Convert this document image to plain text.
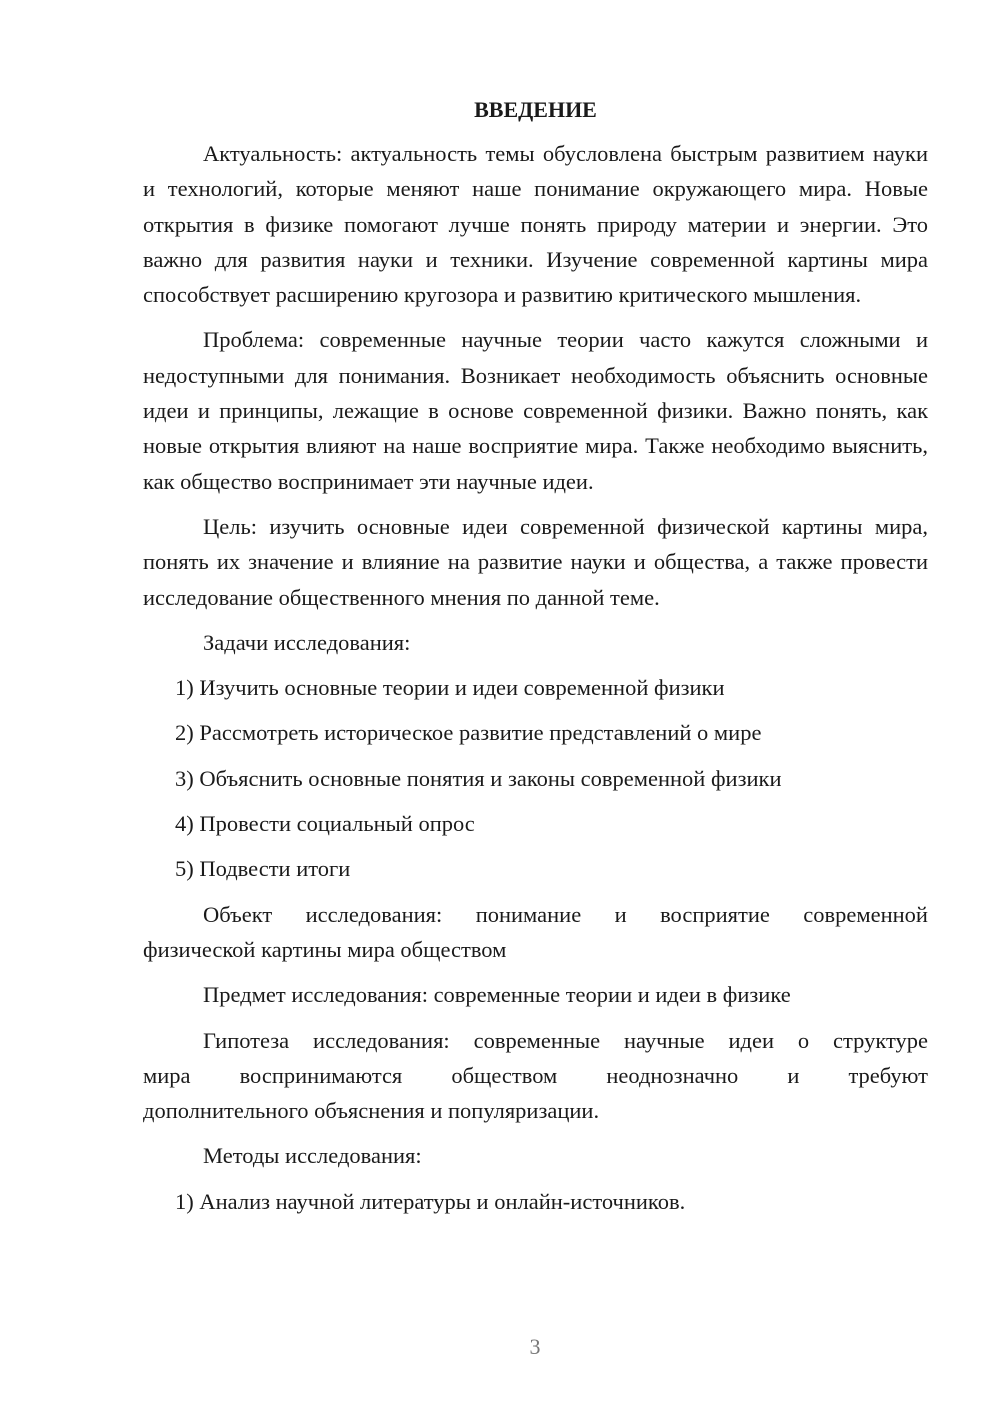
ВВЕДЕНИЕ

Актуальность: актуальность темы обусловлена быстрым развитием науки и технологий, которые меняют наше понимание окружающего мира. Новые открытия в физике помогают лучше понять природу материи и энергии. Это важно для развития науки и техники. Изучение современной картины мира способствует расширению кругозора и развитию критического мышления.

Проблема: современные научные теории часто кажутся сложными и недоступными для понимания. Возникает необходимость объяснить основные идеи и принципы, лежащие в основе современной физики. Важно понять, как новые открытия влияют на наше восприятие мира. Также необходимо выяснить, как общество воспринимает эти научные идеи.

Цель: изучить основные идеи современной физической картины мира, понять их значение и влияние на развитие науки и общества, а также провести исследование общественного мнения по данной теме.

Задачи исследования:
1) Изучить основные теории и идеи современной физики
2) Рассмотреть историческое развитие представлений о мире
3) Объяснить основные понятия и законы современной физики
4) Провести социальный опрос
5) Подвести итоги
Объект исследования: понимание и восприятие современной
физической картины мира обществом
Предмет исследования: современные теории и идеи в физике
Гипотеза исследования: современные научные идеи о структуре
мира воспринимаются обществом неоднозначно и требуют
дополнительного объяснения и популяризации.
Методы исследования:
1) Анализ научной литературы и онлайн-источников.
3
